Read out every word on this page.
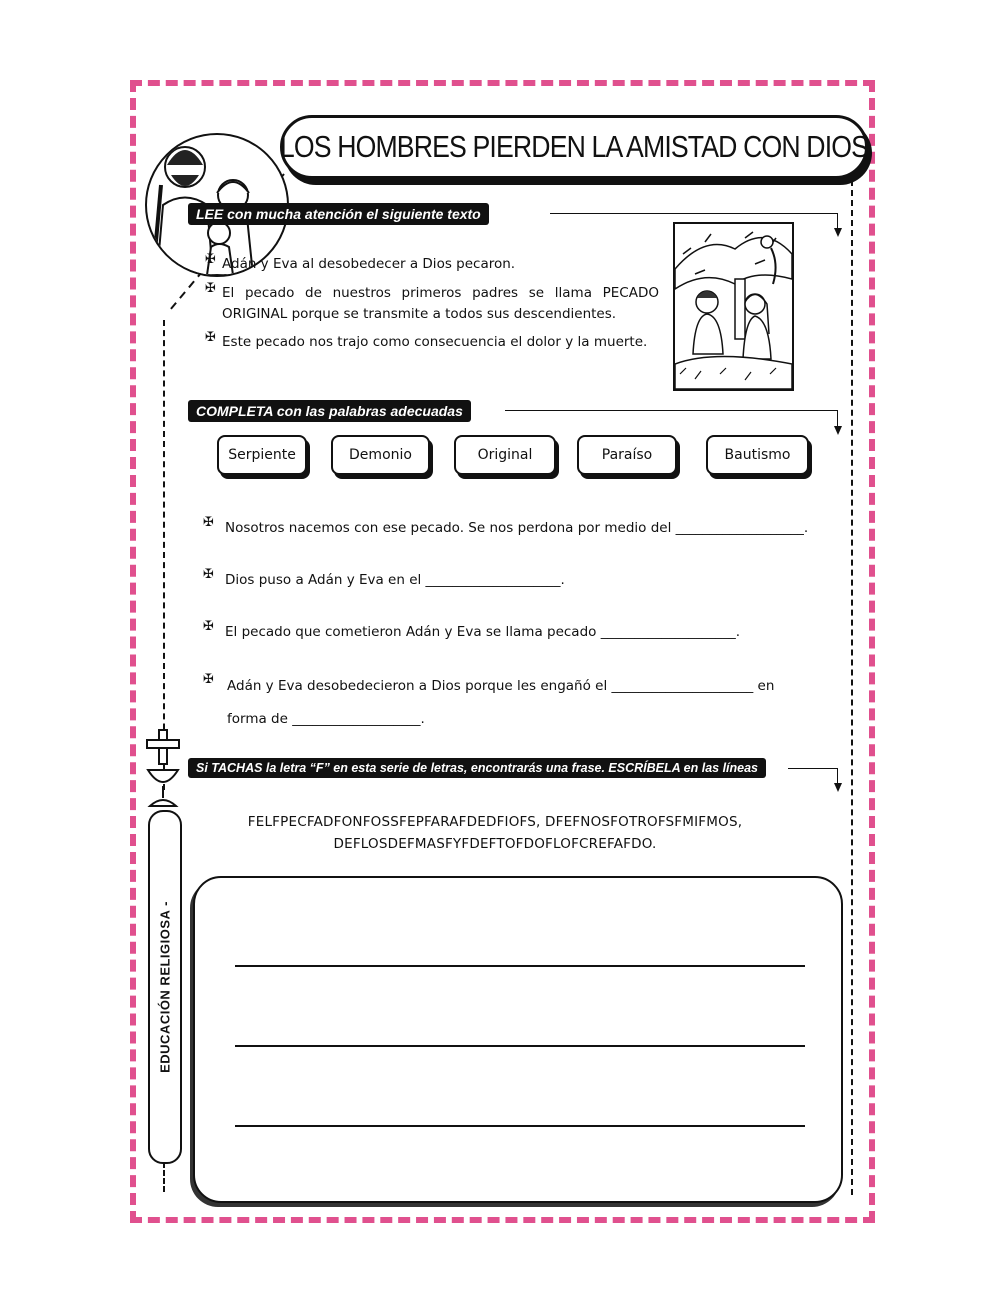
LOS HOMBRES PIERDEN LA AMISTAD CON DIOS
LEE con mucha atención el siguiente texto
✠ Adán y Eva al desobedecer a Dios pecaron.
✠ El pecado de nuestros primeros padres se llama PECADO
ORIGINAL porque se transmite a todos sus descendientes.
✠ Este pecado nos trajo como consecuencia el dolor y la muerte.
COMPLETA con las palabras adecuadas
Serpiente	Demonio	Original	Paraíso	Bautismo
✠ Nosotros nacemos con ese pecado. Se nos perdona por medio del ___________________.
✠ Dios puso a Adán y Eva en el ____________________.
✠ El pecado que cometieron Adán y Eva se llama pecado ____________________.
✠ Adán y Eva desobedecieron a Dios porque les engañó el _____________________ en
forma de ___________________.
Si TACHAS la letra “F” en esta serie de letras, encontrarás una frase. ESCRÍBELA en las líneas
FELFPECFADFONFOSSFEPFARAFDEDFIOFS, DFEFNOSFOTROFSFMIFMOS,
DEFLOSDEFMASFYFDEFTOFDOFLOFCREFAFDO.
EDUCACIÓN RELIGIOSA -
